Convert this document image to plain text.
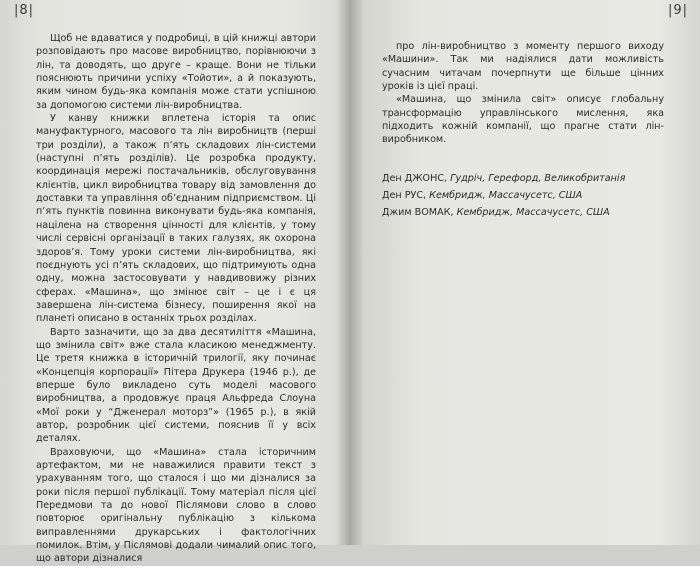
|8|

Щоб не вдаватися у подробиці, в цій книжці автори розповідають про масове виробництво, порівнюючи з лін, та доводять, що друге – краще. Вони не тільки пояснюють причини успіху «Тойоти», а й показують, яким чином будь-яка компанія може стати успішною за допомогою системи лін-виробництва.

У канву книжки вплетена історія та опис мануфактурного, масового та лін виробництв (перші три розділи), а також п’ять складових лін-системи (наступні п’ять розділів). Це розробка продукту, координація мережі постачальників, обслуговування клієнтів, цикл виробництва товару від замовлення до доставки та управління об’єднаним підприємством. Ці п’ять пунктів повинна виконувати будь-яка компанія, націлена на створення цінності для клієнтів, у тому числі сервісні організації в таких галузях, як охорона здоров’я. Тому уроки системи лін-виробництва, які поєднують усі п’ять складових, що підтримують одна одну, можна застосовувати у навдивовижу різних сферах. «Машина», що змінює світ – це і є ця завершена лін-система бізнесу, поширення якої на планеті описано в останніх трьох розділах.

Варто зазначити, що за два десятиліття «Машина, що змінила світ» вже стала класикою менеджменту. Це третя книжка в історичній трилогії, яку починає «Концепція корпорації» Пітера Друкера (1946 р.), де вперше було викладено суть моделі масового виробництва, а продовжує праця Альфреда Слоуна «Мої роки у “Дженерал моторз”» (1965 р.), в якій автор, розробник цієї системи, пояснив її у всіх деталях.

Враховуючи, що «Машина» стала історичним артефактом, ми не наважилися правити текст з урахуванням того, що сталося і що ми дізналися за роки після першої публікації. Тому матеріал після цієї Передмови та до нової Післямови слово в слово повторює оригінальну публікацію з кількома виправленнями друкарських і фактологічних помилок. Втім, у Післямові додали чималий опис того, що автори дізналися

|9|

про лін-виробництво з моменту першого виходу «Машини». Так ми надіялися дати можливість сучасним читачам почерпнути ще більше цінних уроків із цієї праці.

«Машина, що змінила світ» описує глобальну трансформацію управлінського мислення, яка підходить кожній компанії, що прагне стати лін-виробником.

Ден ДЖОНС, Гудріч, Герефорд, Великобританія

Ден РУС, Кембридж, Массачусетс, США

Джим ВОМАК, Кембридж, Массачусетс, США
